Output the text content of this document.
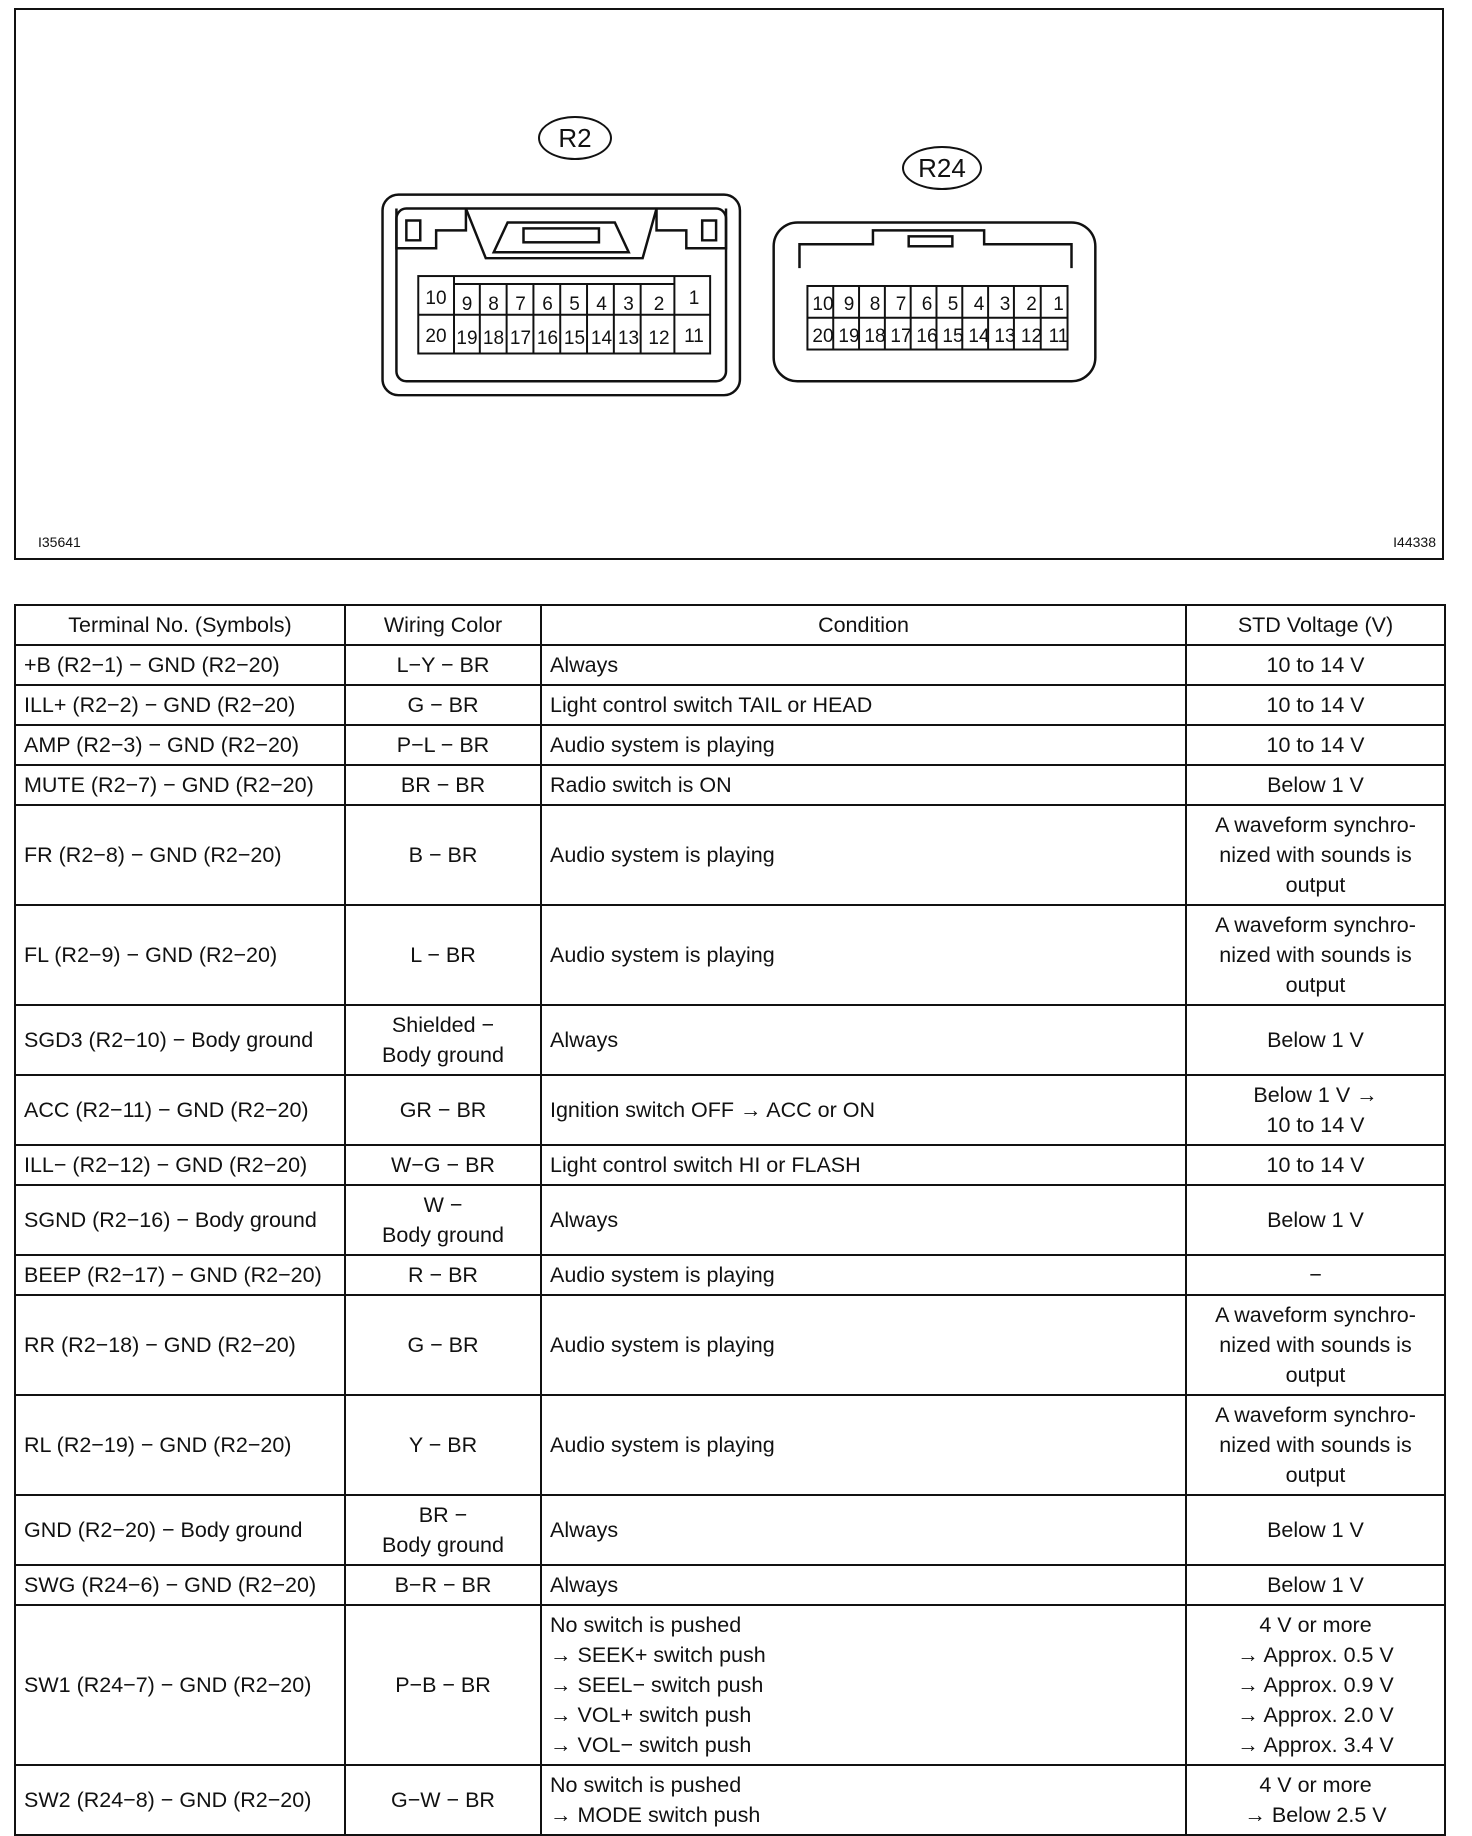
R2
R24
10 9 8 7 6 5 4 3	2	1
20 19 18 17 16 15 14 13 12 11
10 9 8 7 6 5 4 3 2 1
20 19 18 17 16 15 14 13 12 11
I35641	I44338
Terminal No. (Symbols)	Wiring Color	Condition	STD Voltage (V)
+B (R2−1) − GND (R2−20)	L−Y − BR	Always	10 to 14 V

ILL+ (R2−2) − GND (R2−20)	G − BR	Light control switch TAIL or HEAD	10 to 14 V

AMP (R2−3) − GND (R2−20)	P−L − BR	Audio system is playing	10 to 14 V

MUTE (R2−7) − GND (R2−20)	BR − BR	Radio switch is ON	Below 1 V

FR (R2−8) − GND (R2−20)	B − BR	Audio system is playing	A waveform synchro-
nized with sounds is
output

FL (R2−9) − GND (R2−20)	L − BR	Audio system is playing	A waveform synchro-
nized with sounds is
output

SGD3 (R2−10) − Body ground	Shielded −
Body ground	Always	Below 1 V

ACC (R2−11) − GND (R2−20)	GR − BR	Ignition switch OFF → ACC or ON	Below 1 V →
10 to 14 V

ILL− (R2−12) − GND (R2−20)	W−G − BR	Light control switch HI or FLASH	10 to 14 V

SGND (R2−16) − Body ground	W −
Body ground	Always	Below 1 V

BEEP (R2−17) − GND (R2−20)	R − BR	Audio system is playing	−

RR (R2−18) − GND (R2−20)	G − BR	Audio system is playing	A waveform synchro-
nized with sounds is
output

RL (R2−19) − GND (R2−20)	Y − BR	Audio system is playing	A waveform synchro-
nized with sounds is
output

GND (R2−20) − Body ground	BR −
Body ground	Always	Below 1 V

SWG (R24−6) − GND (R2−20)	B−R − BR	Always	Below 1 V

SW1 (R24−7) − GND (R2−20)	P−B − BR	No switch is pushed
→ SEEK+ switch push
→ SEEL− switch push
→ VOL+ switch push
→ VOL− switch push	4 V or more
→ Approx. 0.5 V
→ Approx. 0.9 V
→ Approx. 2.0 V
→ Approx. 3.4 V

SW2 (R24−8) − GND (R2−20)	G−W − BR	No switch is pushed
→ MODE switch push	4 V or more
→ Below 2.5 V
